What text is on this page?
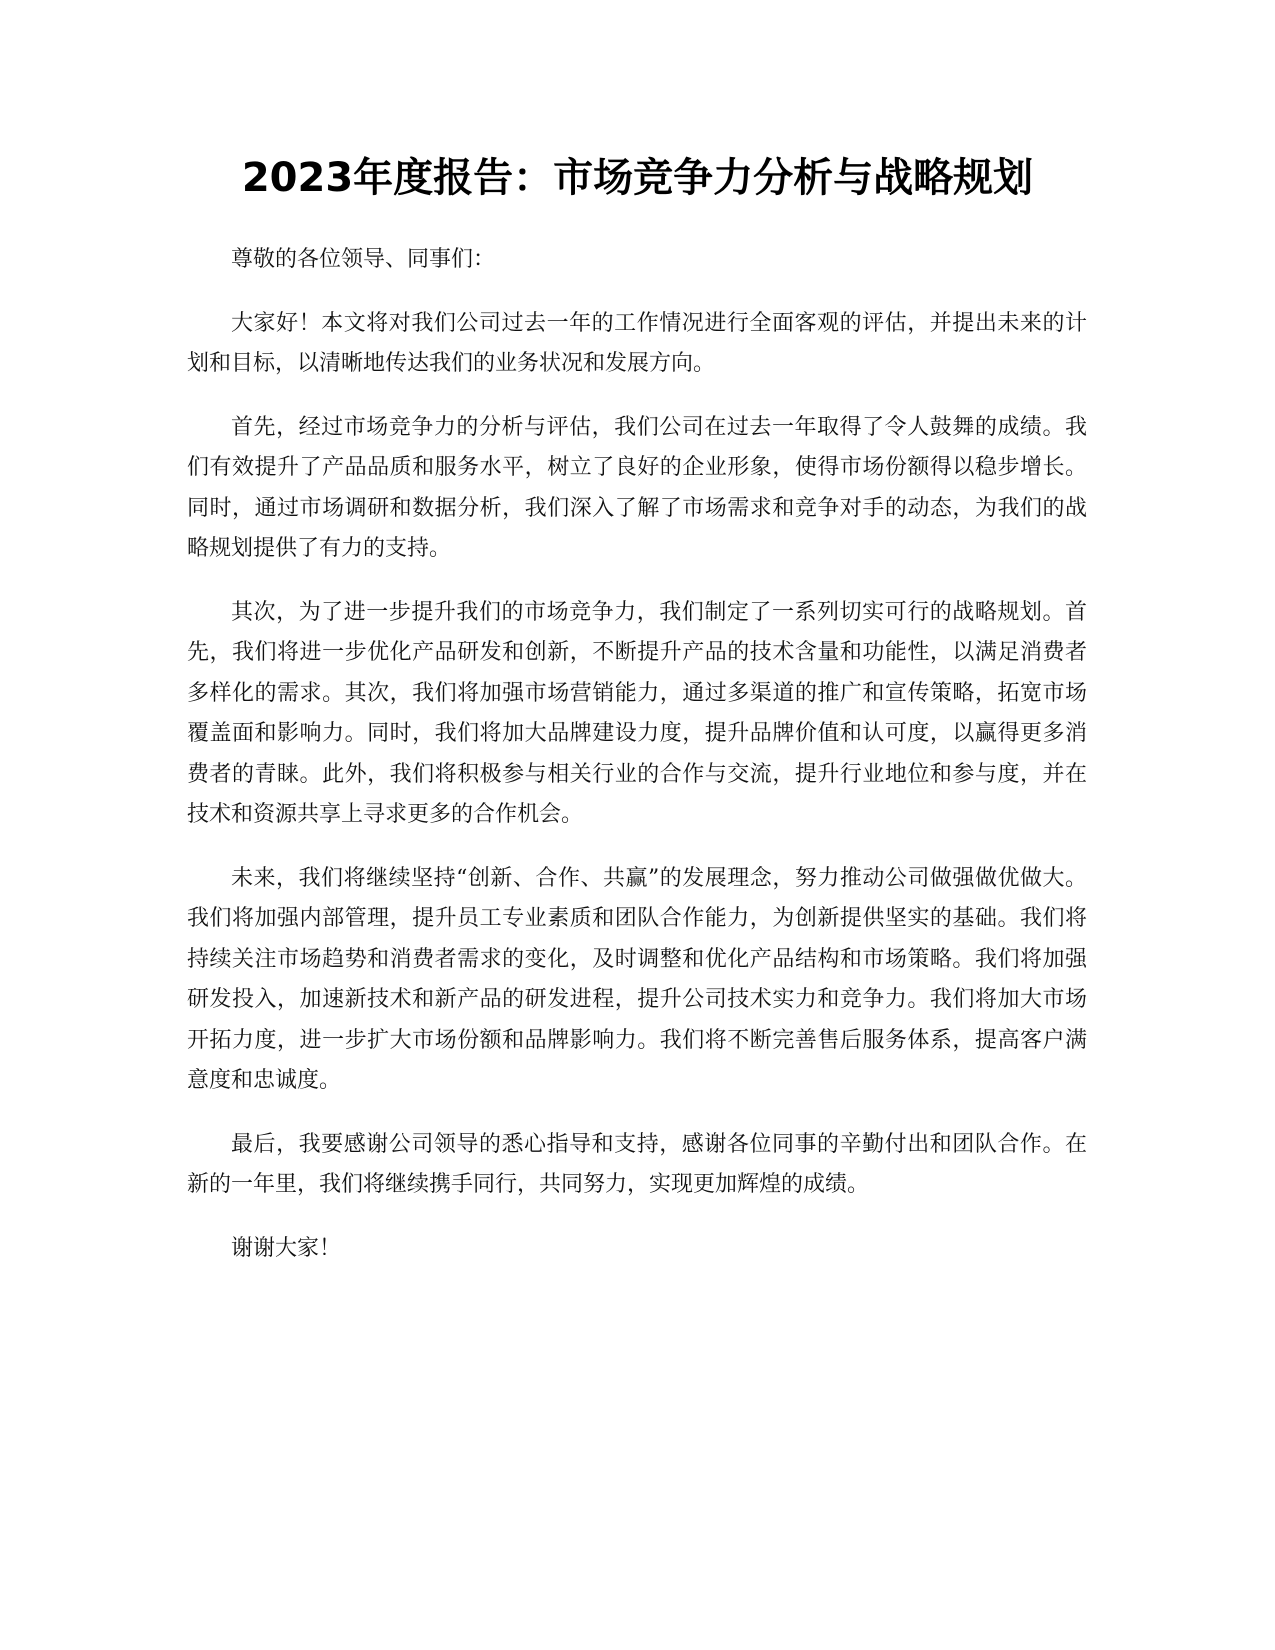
2023年度报告：市场竞争力分析与战略规划

尊敬的各位领导、同事们：

大家好！本文将对我们公司过去一年的工作情况进行全面客观的评估，并提出未来的计划和目标，以清晰地传达我们的业务状况和发展方向。

首先，经过市场竞争力的分析与评估，我们公司在过去一年取得了令人鼓舞的成绩。我们有效提升了产品品质和服务水平，树立了良好的企业形象，使得市场份额得以稳步增长。同时，通过市场调研和数据分析，我们深入了解了市场需求和竞争对手的动态，为我们的战略规划提供了有力的支持。

其次，为了进一步提升我们的市场竞争力，我们制定了一系列切实可行的战略规划。首先，我们将进一步优化产品研发和创新，不断提升产品的技术含量和功能性，以满足消费者多样化的需求。其次，我们将加强市场营销能力，通过多渠道的推广和宣传策略，拓宽市场覆盖面和影响力。同时，我们将加大品牌建设力度，提升品牌价值和认可度，以赢得更多消费者的青睐。此外，我们将积极参与相关行业的合作与交流，提升行业地位和参与度，并在技术和资源共享上寻求更多的合作机会。

未来，我们将继续坚持“创新、合作、共赢”的发展理念，努力推动公司做强做优做大。我们将加强内部管理，提升员工专业素质和团队合作能力，为创新提供坚实的基础。我们将持续关注市场趋势和消费者需求的变化，及时调整和优化产品结构和市场策略。我们将加强研发投入，加速新技术和新产品的研发进程，提升公司技术实力和竞争力。我们将加大市场开拓力度，进一步扩大市场份额和品牌影响力。我们将不断完善售后服务体系，提高客户满意度和忠诚度。

最后，我要感谢公司领导的悉心指导和支持，感谢各位同事的辛勤付出和团队合作。在新的一年里，我们将继续携手同行，共同努力，实现更加辉煌的成绩。

谢谢大家！
